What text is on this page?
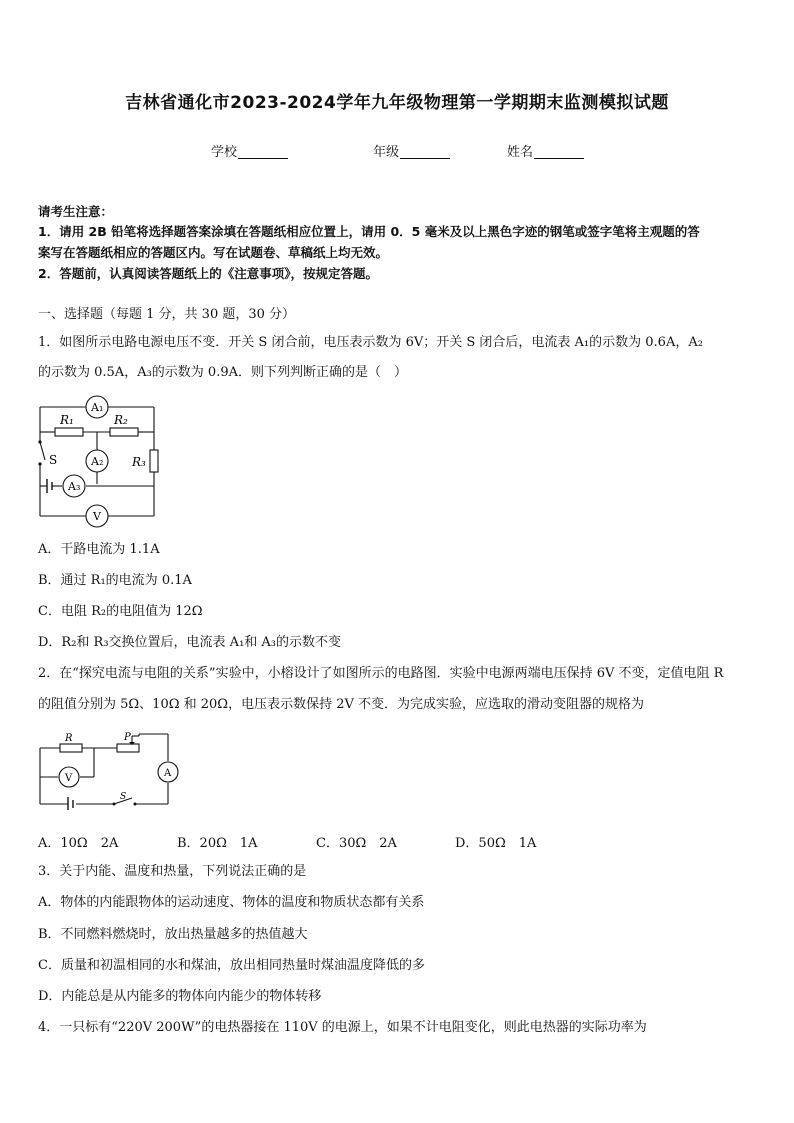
吉林省通化市2023-2024学年九年级物理第一学期期末监测模拟试题
学校	年级	姓名
请考生注意：
1．请用 2B 铅笔将选择题答案涂填在答题纸相应位置上，请用 0．5 毫米及以上黑色字迹的钢笔或签字笔将主观题的答
案写在答题纸相应的答题区内。写在试题卷、草稿纸上均无效。
2．答题前，认真阅读答题纸上的《注意事项》，按规定答题。
一、选择题（每题 1 分，共 30 题，30 分）
1．如图所示电路电源电压不变．开关 S 闭合前，电压表示数为 6V；开关 S 闭合后，电流表 A₁的示数为 0.6A，A₂
的示数为 0.5A，A₃的示数为 0.9A．则下列判断正确的是（　）
A₁
A₂
A₃
V
R₁	R₂
R₃
S
A．干路电流为 1.1A
B．通过 R₁的电流为 0.1A
C．电阻 R₂的电阻值为 12Ω
D．R₂和 R₃交换位置后，电流表 A₁和 A₃的示数不变
2．在“探究电流与电阻的关系”实验中，小榕设计了如图所示的电路图．实验中电源两端电压保持 6V 不变，定值电阻 R
的阻值分别为 5Ω、10Ω 和 20Ω，电压表示数保持 2V 不变．为完成实验，应选取的滑动变阻器的规格为
R	P
V	A
S
A．10Ω　2A	B．20Ω　1A	C．30Ω　2A	D．50Ω　1A
3．关于内能、温度和热量，下列说法正确的是
A．物体的内能跟物体的运动速度、物体的温度和物质状态都有关系
B．不同燃料燃烧时，放出热量越多的热值越大
C．质量和初温相同的水和煤油，放出相同热量时煤油温度降低的多
D．内能总是从内能多的物体向内能少的物体转移
4．一只标有“220V 200W”的电热器接在 110V 的电源上，如果不计电阻变化，则此电热器的实际功率为
